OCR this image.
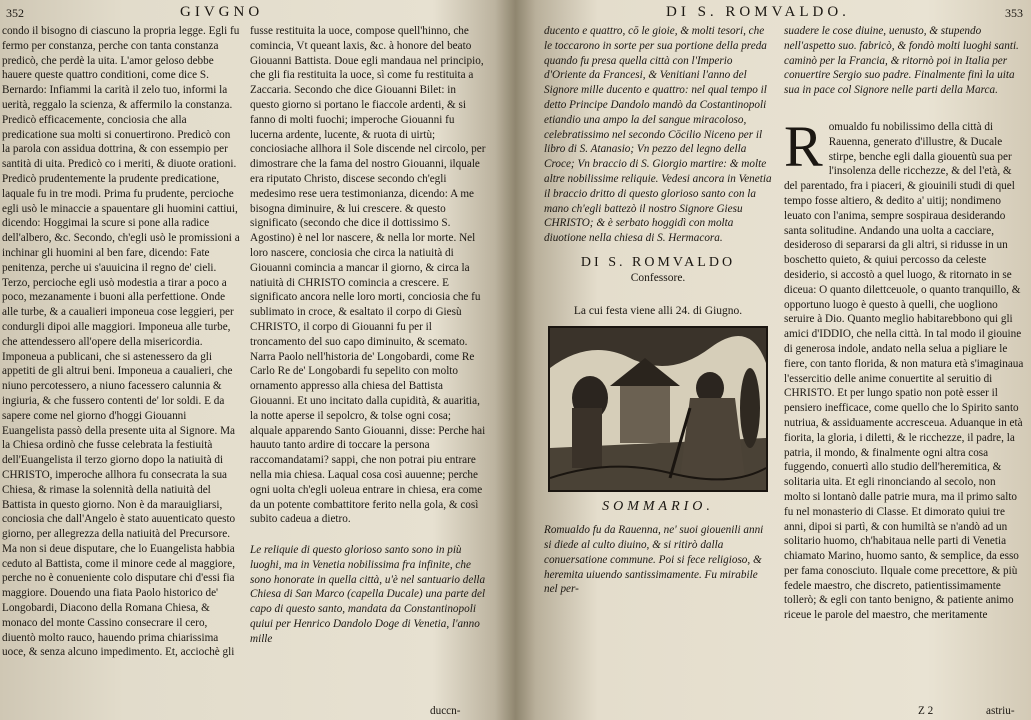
352	GIVGNO

condo il bisogno di ciascuno la propria legge. Egli fu fermo per constanza, perche con tanta constanza predicò, che perdè la uita. L'amor geloso debbe hauere queste quattro conditioni, come dice S. Bernardo: Infiammi la carità il zelo tuo, informi la uerità, reggalo la scienza, & affermilo la constanza. Predicò efficacemente, conciosia che alla predicatione sua molti si conuertirono. Predicò con la parola con assidua dottrina, & con essempio per santità di uita. Predicò co i meriti, & diuote orationi. Predicò prudentemente la prudente predicatione, laquale fu in tre modi. Prima fu prudente, percioche egli usò le minaccie a spauentare gli huomini cattiui, dicendo: Hoggimai la scure si pone alla radice dell'albero, &c. Secondo, ch'egli usò le promissioni a inchinar gli huomini al ben fare, dicendo: Fate penitenza, perche ui s'auuicina il regno de' cieli. Terzo, percioche egli usò modestia a tirar a poco a poco, mezanamente i buoni alla perfettione. Onde alle turbe, & a caualieri imponeua cose leggieri, per condurgli dipoi alle maggiori. Imponeua alle turbe, che attendessero all'opere della misericordia. Imponeua a publicani, che si astenessero da gli appetiti de gli altrui beni. Imponeua a caualieri, che niuno percotessero, a niuno facessero calunnia & ingiuria, & che fussero contenti de' lor soldi. E da sapere come nel giorno d'hoggi Giouanni Euangelista passò della presente uita al Signore. Ma la Chiesa ordinò che fusse celebrata la festiuità dell'Euangelista il terzo giorno dopo la natiuità di CHRISTO, imperoche allhora fu consecrata la sua Chiesa, & rimase la solennità della natiuità del Battista in questo giorno. Non è da marauigliarsi, conciosia che dall'Angelo è stato auuenticato questo giorno, per allegrezza della natiuità del Precursore. Ma non si deue disputare, che lo Euangelista habbia ceduto al Battista, come il minore cede al maggiore, perche no è conueniente colo disputare chi d'essi fia maggiore. Douendo una fiata Paolo historico de' Longobardi, Diacono della Romana Chiesa, & monaco del monte Cassino consecrare il cero, diuentò molto rauco, hauendo prima chiarissima uoce, & senza alcuno impedimento. Et, acciochè gli

fusse restituita la uoce, compose quell'hinno, che comincia, Vt queant laxis, &c. à honore del beato Giouanni Battista. Doue egli mandaua nel principio, che gli fia restituita la uoce, sì come fu restituita a Zaccaria. Secondo che dice Giouanni Bilet: in questo giorno si portano le fiaccole ardenti, & si fanno di molti fuochi; imperoche Giouanni fu lucerna ardente, lucente, & ruota di uirtù; conciosiache allhora il Sole discende nel circolo, per dimostrare che la fama del nostro Giouanni, ilquale era riputato Christo, discese secondo ch'egli medesimo rese uera testimonianza, dicendo: A me bisogna diminuire, & lui crescere. & questo significato (secondo che dice il dottissimo S. Agostino) è nel lor nascere, & nella lor morte. Nel loro nascere, conciosia che circa la natiuità di Giouanni comincia a mancar il giorno, & circa la natiuità di CHRISTO comincia a crescere. E significato ancora nelle loro morti, conciosia che fu sublimato in croce, & esaltato il corpo di Giesù CHRISTO, il corpo di Giouanni fu per il troncamento del suo capo diminuito, & scemato. Narra Paolo nell'historia de' Longobardi, come Re Carlo Re de' Longobardi fu sepelito con molto ornamento appresso alla chiesa del Battista Giouanni. Et uno incitato dalla cupidità, & auaritia, la notte aperse il sepolcro, & tolse ogni cosa; alquale apparendo Santo Giouanni, disse: Perche hai hauuto tanto ardire di toccare la persona raccomandatami? sappi, che non potrai piu entrare nella mia chiesa. Laqual cosa così auuenne; perche ogni uolta ch'egli uoleua entrare in chiesa, era come da un potente combattitore ferito nella gola, & così subito cadeua a dietro.

Le reliquie di questo glorioso santo sono in più luoghi, ma in Venetia nobilissima fra infinite, che sono honorate in quella città, u'è nel santuario della Chiesa di San Marco (capella Ducale) una parte del capo di questo santo, mandata da Constantinopoli quiui per Henrico Dandolo Doge di Venetia, l'anno mille

duccn-
DI S. ROMVALDO.	353

ducento e quattro, cō le gioie, & molti tesori, che le toccarono in sorte per sua portione della preda quando fu presa quella città con l'Imperio d'Oriente da Francesi, & Venitiani l'anno del Signore mille ducento e quattro: nel qual tempo il detto Principe Dandolo mandò da Costantinopoli etiandio una ampo la del sangue miracoloso, celebratissimo nel secondo Cōcilio Niceno per il libro di S. Atanasio; Vn pezzo del legno della Croce; Vn braccio di S. Giorgio martire: & molte altre nobilissime reliquie. Vedesi ancora in Venetia il braccio dritto di questo glorioso santo con la mano ch'egli battezò il nostro Signore Giesu CHRISTO; & è serbato hoggidì con molta diuotione nella chiesa di S. Hermacora.

DI S. ROMVALDO
Confessore.
La cui festa viene alli 24. di Giugno.
SOMMARIO.

Romualdo fu da Rauenna, ne' suoi giouenili anni si diede al culto diuino, & si ritirò dalla conuersatione commune. Poi si fece religioso, & heremita uiuendo santissimamente. Fu mirabile nel per-

suadere le cose diuine, uenusto, & stupendo nell'aspetto suo. fabricò, & fondò molti luoghi santi. caminò per la Francia, & ritornò poi in Italia per conuertire Sergio suo padre. Finalmente finì la uita sua in pace col Signore nelle parti della Marca.

R omualdo fu nobilissimo della città di Rauenna, generato d'illustre, & Ducale stirpe, benche egli dalla giouentù sua per l'insolenza delle ricchezze, & del l'età, & del parentado, fra i piaceri, & giouinili studi di quel tempo fosse altiero, & dedito a' uitij; nondimeno leuato con l'anima, sempre sospiraua desiderando santa solitudine. Andando una uolta a cacciare, desideroso di separarsi da gli altri, si ridusse in un boschetto quieto, & quiui percosso da celeste desiderio, si accostò a quel luogo, & ritornato in se diceua: O quanto dilettceuole, o quanto tranquillo, & opportuno luogo è questo à quelli, che uogliono seruire à Dio. Quanto meglio habitarebbono qui gli amici d'IDDIO, che nella città. In tal modo il giouine di generosa indole, andato nella selua a pigliare le fiere, con tanto florida, & non matura età s'imaginaua l'essercitio delle anime conuertite al seruitio di CHRISTO. Et per lungo spatio non potè esser il pensiero inefficace, come quello che lo Spirito santo nutriua, & assiduamente accresceua. Aduanque in età fiorita, la gloria, i diletti, & le ricchezze, il padre, la patria, il mondo, & finalmente ogni altra cosa fuggendo, conuertì allo studio dell'heremitica, & solitaria uita. Et egli rinonciando al secolo, non molto si lontanò dalle patrie mura, ma il primo salto fu nel monasterio di Classe. Et dimorato quiui tre anni, dipoi si partì, & con humiltà se n'andò ad un solitario huomo, ch'habitaua nelle parti di Venetia chiamato Marino, huomo santo, & semplice, da esso per fama conosciuto. Ilquale come precettore, & più fedele maestro, che discreto, patientissimamente tollerò; & egli con tanto benigno, & patiente animo riceue le parole del maestro, che meritamente

Z 2	astriu-
